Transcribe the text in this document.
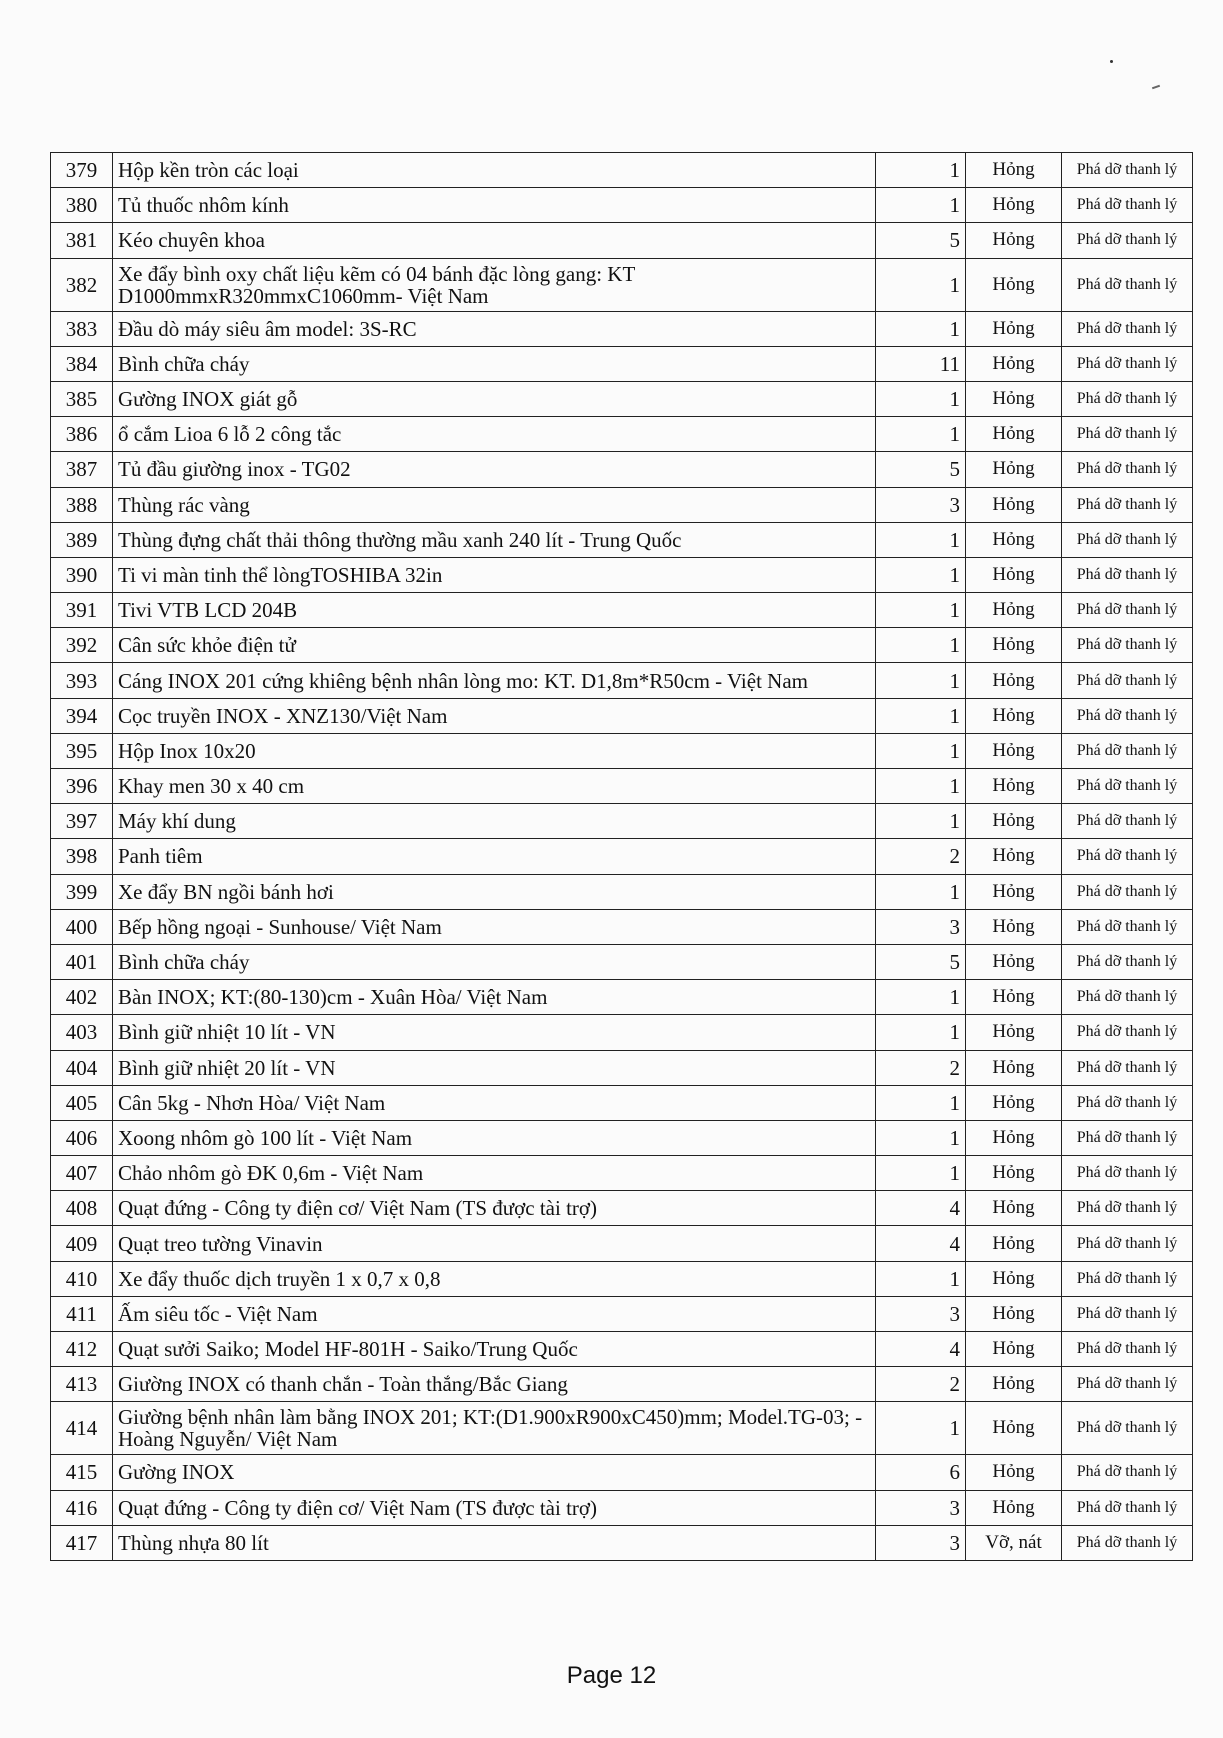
379	Hộp kền tròn các loại	1	Hỏng	Phá dỡ thanh lý
380	Tủ thuốc nhôm kính	1	Hỏng	Phá dỡ thanh lý
381	Kéo chuyên khoa	5	Hỏng	Phá dỡ thanh lý
382	Xe đẩy bình oxy chất liệu kẽm có 04 bánh đặc lòng gang: KT D1000mmxR320mmxC1060mm- Việt Nam	1	Hỏng	Phá dỡ thanh lý
383	Đầu dò máy siêu âm model: 3S-RC	1	Hỏng	Phá dỡ thanh lý
384	Bình chữa cháy	11	Hỏng	Phá dỡ thanh lý
385	Gường INOX giát gỗ	1	Hỏng	Phá dỡ thanh lý
386	ổ cắm Lioa 6 lỗ 2 công tắc	1	Hỏng	Phá dỡ thanh lý
387	Tủ đầu giường inox - TG02	5	Hỏng	Phá dỡ thanh lý
388	Thùng rác vàng	3	Hỏng	Phá dỡ thanh lý
389	Thùng đựng chất thải thông thường mầu xanh 240 lít - Trung Quốc	1	Hỏng	Phá dỡ thanh lý
390	Ti vi màn tinh thể lòngTOSHIBA 32in	1	Hỏng	Phá dỡ thanh lý
391	Tivi VTB LCD 204B	1	Hỏng	Phá dỡ thanh lý
392	Cân sức khỏe điện tử	1	Hỏng	Phá dỡ thanh lý
393	Cáng INOX 201 cứng khiêng bệnh nhân lòng mo: KT. D1,8m*R50cm - Việt Nam	1	Hỏng	Phá dỡ thanh lý
394	Cọc truyền INOX - XNZ130/Việt Nam	1	Hỏng	Phá dỡ thanh lý
395	Hộp Inox 10x20	1	Hỏng	Phá dỡ thanh lý
396	Khay men 30 x 40 cm	1	Hỏng	Phá dỡ thanh lý
397	Máy khí dung	1	Hỏng	Phá dỡ thanh lý
398	Panh tiêm	2	Hỏng	Phá dỡ thanh lý
399	Xe đẩy BN ngồi bánh hơi	1	Hỏng	Phá dỡ thanh lý
400	Bếp hồng ngoại - Sunhouse/ Việt Nam	3	Hỏng	Phá dỡ thanh lý
401	Bình chữa cháy	5	Hỏng	Phá dỡ thanh lý
402	Bàn INOX; KT:(80-130)cm - Xuân Hòa/ Việt Nam	1	Hỏng	Phá dỡ thanh lý
403	Bình giữ nhiệt 10 lít - VN	1	Hỏng	Phá dỡ thanh lý
404	Bình giữ nhiệt 20 lít - VN	2	Hỏng	Phá dỡ thanh lý
405	Cân 5kg - Nhơn Hòa/ Việt Nam	1	Hỏng	Phá dỡ thanh lý
406	Xoong nhôm gò 100 lít - Việt Nam	1	Hỏng	Phá dỡ thanh lý
407	Chảo nhôm gò ĐK 0,6m - Việt Nam	1	Hỏng	Phá dỡ thanh lý
408	Quạt đứng - Công ty điện cơ/ Việt Nam (TS được tài trợ)	4	Hỏng	Phá dỡ thanh lý
409	Quạt treo tường Vinavin	4	Hỏng	Phá dỡ thanh lý
410	Xe đẩy thuốc dịch truyền 1 x 0,7 x 0,8	1	Hỏng	Phá dỡ thanh lý
411	Ấm siêu tốc - Việt Nam	3	Hỏng	Phá dỡ thanh lý
412	Quạt sưởi Saiko; Model HF-801H - Saiko/Trung Quốc	4	Hỏng	Phá dỡ thanh lý
413	Giường INOX có thanh chắn - Toàn thắng/Bắc Giang	2	Hỏng	Phá dỡ thanh lý
414	Giường bệnh nhân làm bằng INOX 201; KT:(D1.900xR900xC450)mm; Model.TG-03; - Hoàng Nguyễn/ Việt Nam	1	Hỏng	Phá dỡ thanh lý
415	Gường INOX	6	Hỏng	Phá dỡ thanh lý
416	Quạt đứng - Công ty điện cơ/ Việt Nam (TS được tài trợ)	3	Hỏng	Phá dỡ thanh lý
417	Thùng nhựa 80 lít	3	Vỡ, nát	Phá dỡ thanh lý
Page 12
